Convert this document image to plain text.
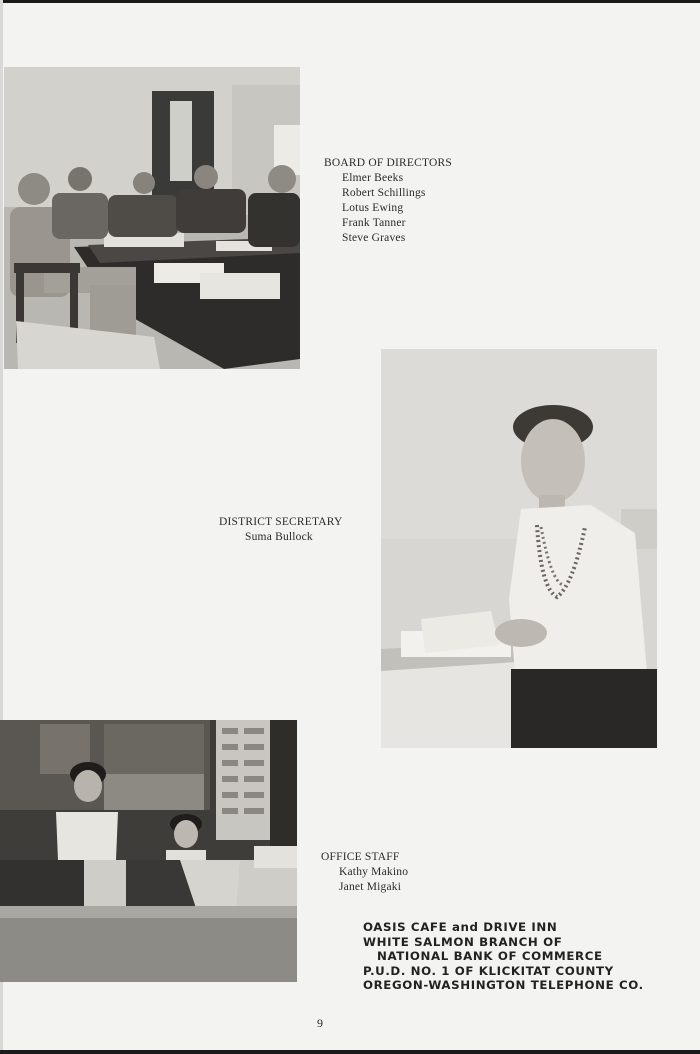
BOARD OF DIRECTORS
Elmer Beeks
Robert Schillings
Lotus Ewing
Frank Tanner
Steve Graves
DISTRICT SECRETARY
Suma Bullock
OFFICE STAFF
Kathy Makino
Janet Migaki
OASIS CAFE and DRIVE INN
WHITE SALMON BRANCH OF
NATIONAL BANK OF COMMERCE
P.U.D. NO. 1 OF KLICKITAT COUNTY
OREGON-WASHINGTON TELEPHONE CO.
9
